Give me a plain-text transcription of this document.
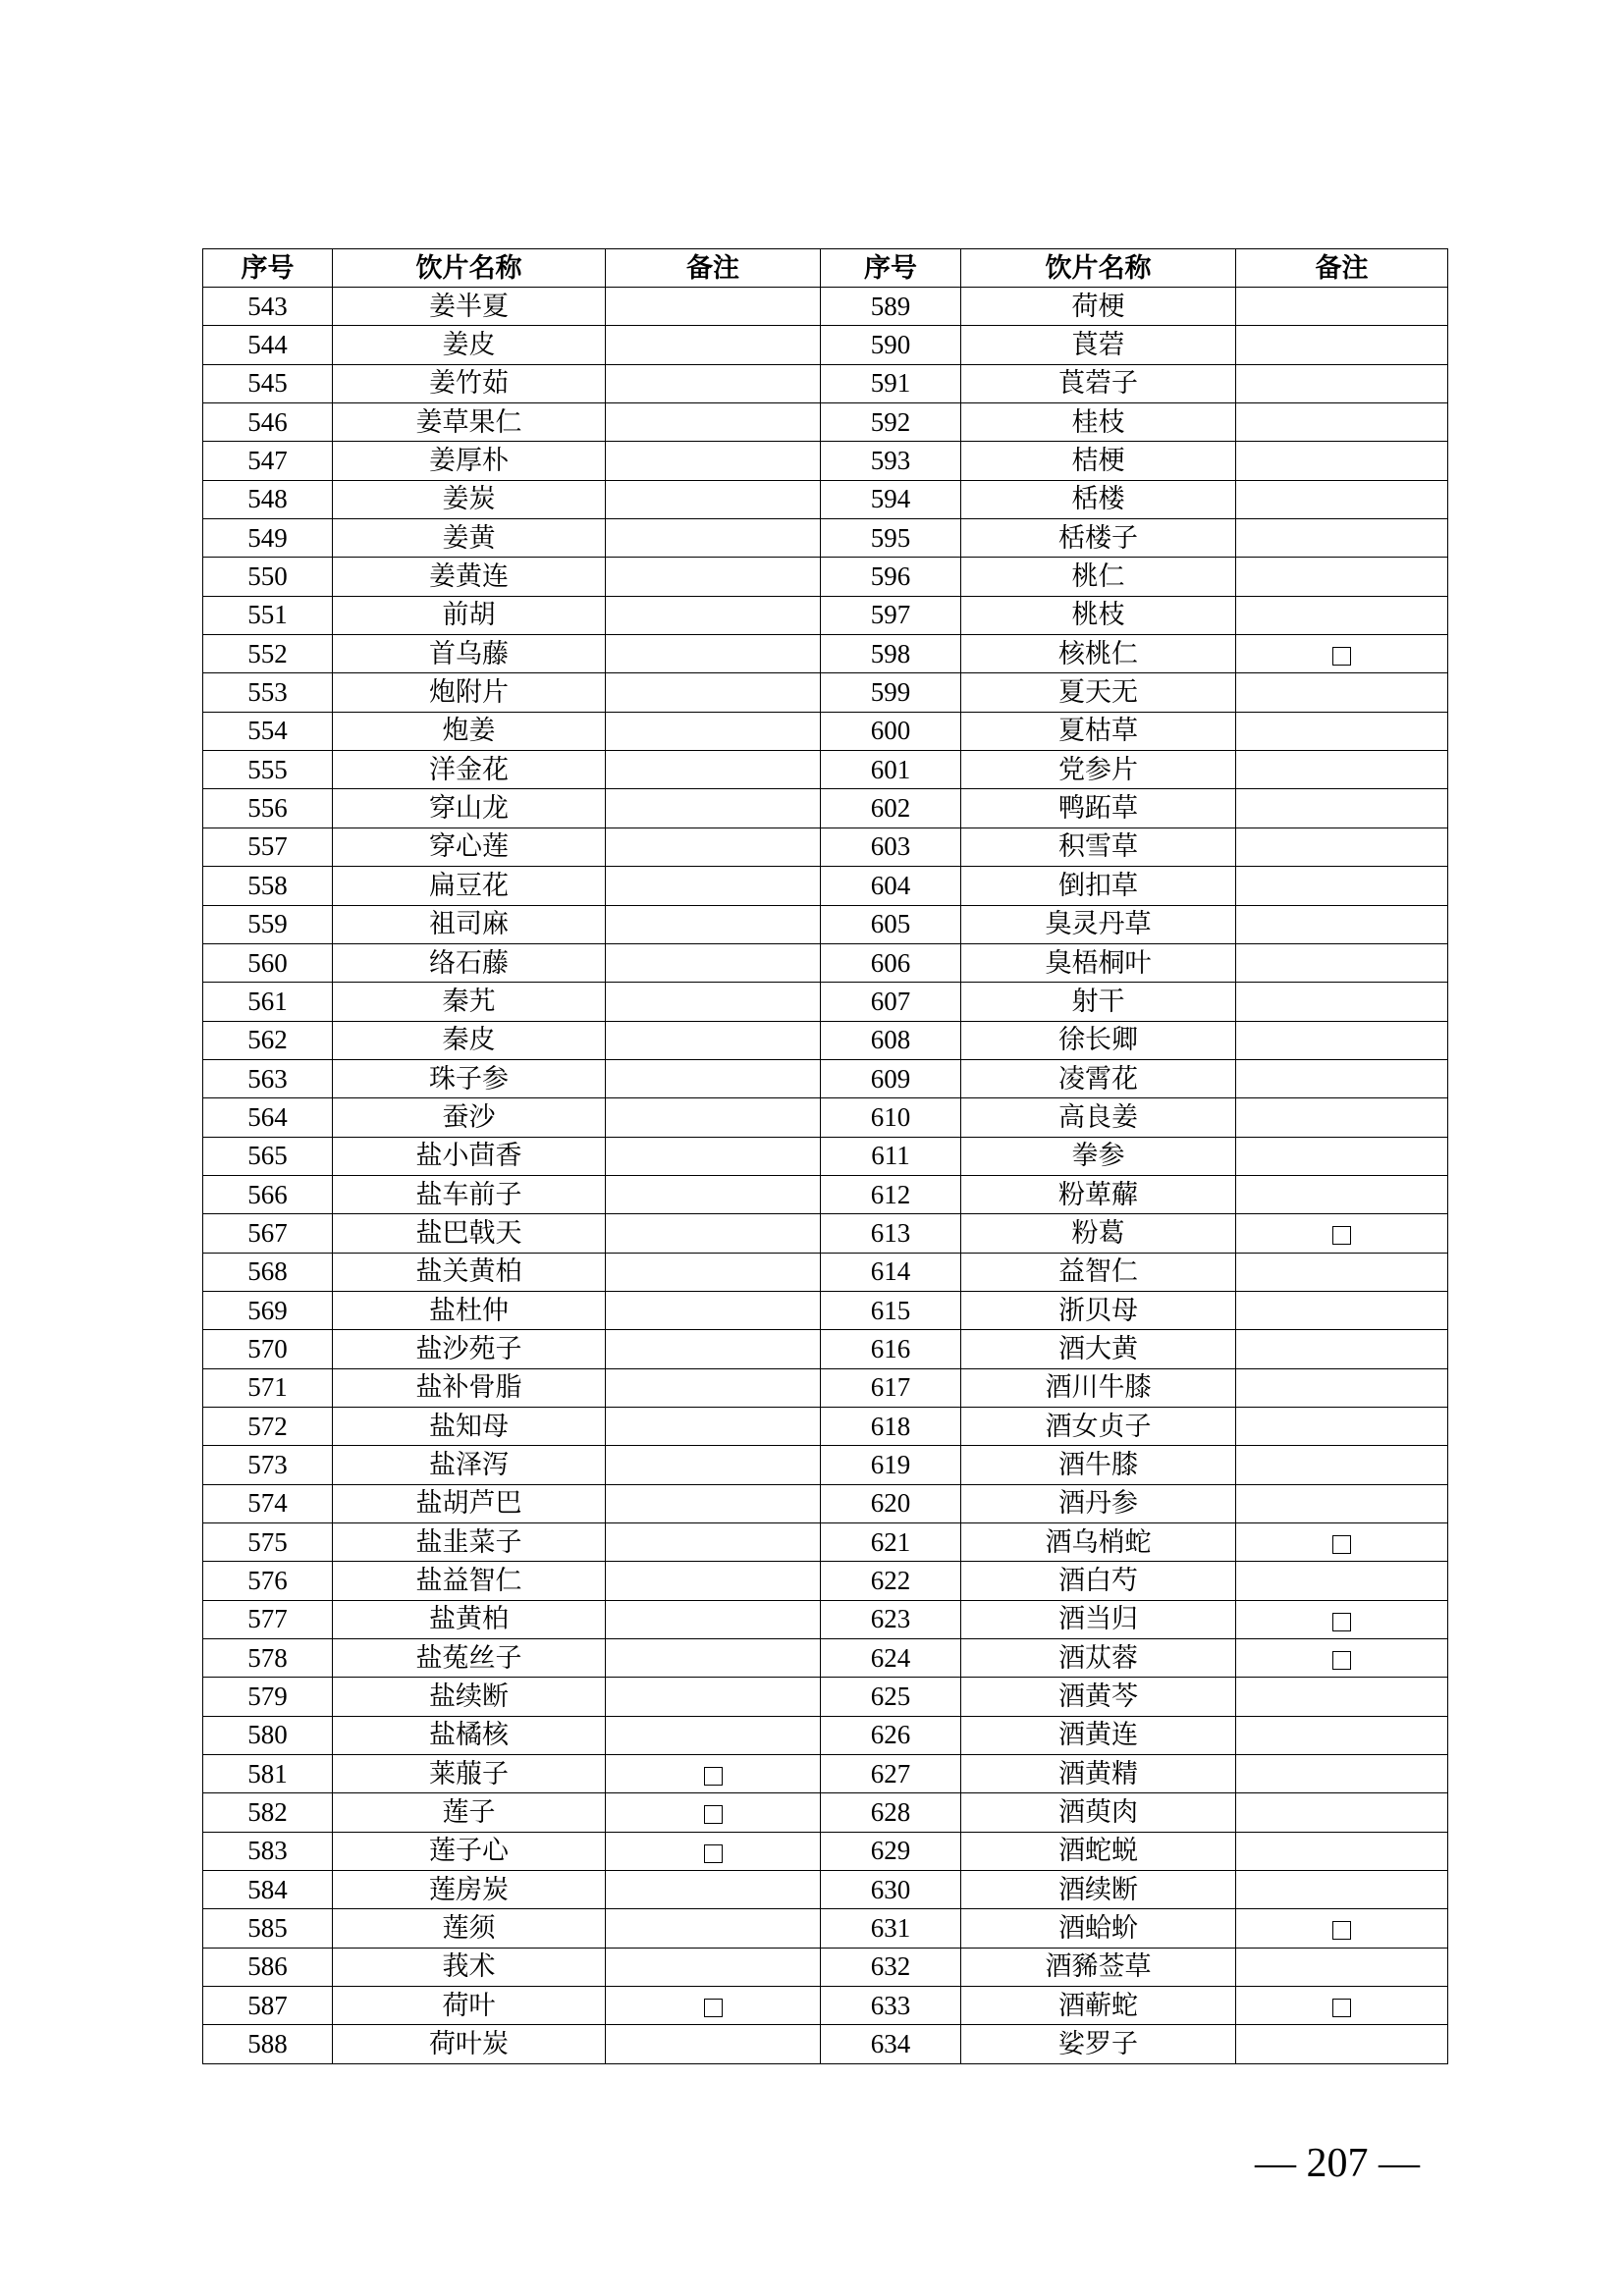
序号	饮片名称	备注	序号	饮片名称	备注
543	姜半夏		589	荷梗	
544	姜皮		590	莨菪	
545	姜竹茹		591	莨菪子	
546	姜草果仁		592	桂枝	
547	姜厚朴		593	桔梗	
548	姜炭		594	栝楼	
549	姜黄		595	栝楼子	
550	姜黄连		596	桃仁	
551	前胡		597	桃枝	
552	首乌藤		598	核桃仁	
553	炮附片		599	夏天无	
554	炮姜		600	夏枯草	
555	洋金花		601	党参片	
556	穿山龙		602	鸭跖草	
557	穿心莲		603	积雪草	
558	扁豆花		604	倒扣草	
559	祖司麻		605	臭灵丹草	
560	络石藤		606	臭梧桐叶	
561	秦艽		607	射干	
562	秦皮		608	徐长卿	
563	珠子参		609	凌霄花	
564	蚕沙		610	高良姜	
565	盐小茴香		611	拳参	
566	盐车前子		612	粉萆薢	
567	盐巴戟天		613	粉葛	
568	盐关黄柏		614	益智仁	
569	盐杜仲		615	浙贝母	
570	盐沙苑子		616	酒大黄	
571	盐补骨脂		617	酒川牛膝	
572	盐知母		618	酒女贞子	
573	盐泽泻		619	酒牛膝	
574	盐胡芦巴		620	酒丹参	
575	盐韭菜子		621	酒乌梢蛇	
576	盐益智仁		622	酒白芍	
577	盐黄柏		623	酒当归	
578	盐菟丝子		624	酒苁蓉	
579	盐续断		625	酒黄芩	
580	盐橘核		626	酒黄连	
581	莱菔子		627	酒黄精	
582	莲子		628	酒萸肉	
583	莲子心		629	酒蛇蜕	
584	莲房炭		630	酒续断	
585	莲须		631	酒蛤蚧	
586	莪术		632	酒豨莶草	
587	荷叶		633	酒蕲蛇	
588	荷叶炭		634	娑罗子	
— 207 —
